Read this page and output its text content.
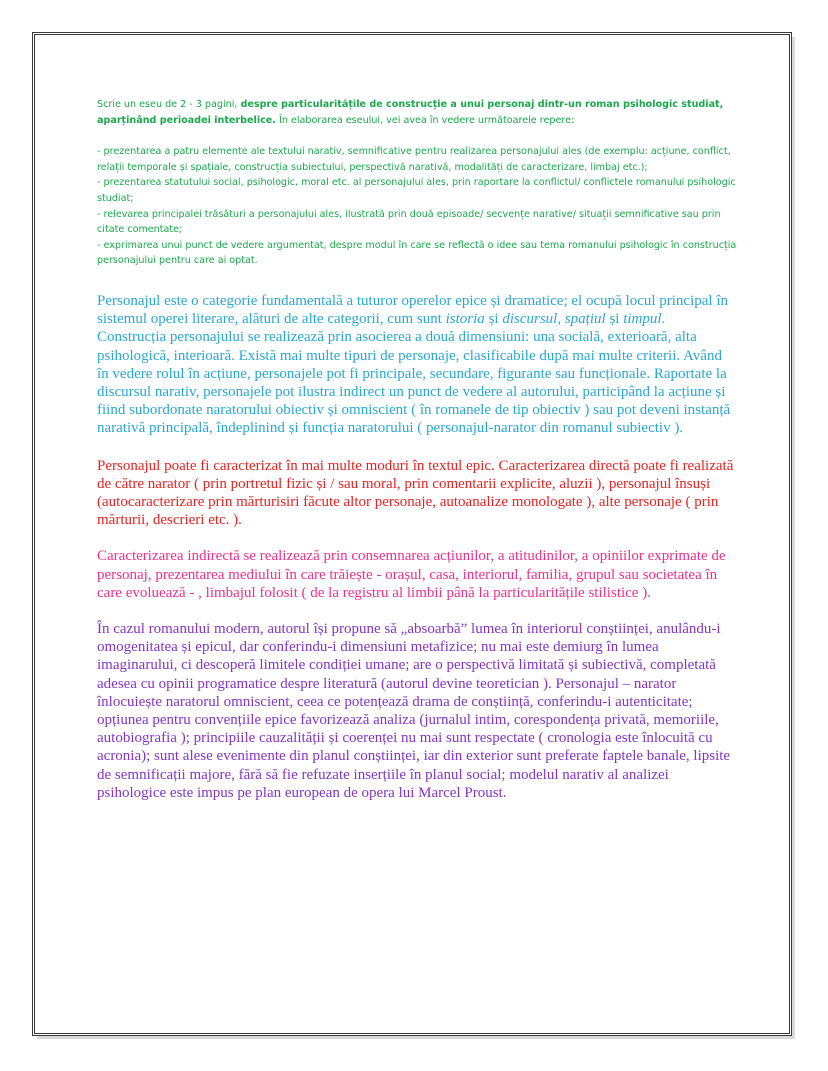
Scrie un eseu de 2 - 3 pagini, despre particularitățile de construcție a unui personaj dintr-un roman psihologic studiat, aparținând perioadei interbelice. În elaborarea eseului, vei avea în vedere următoarele repere:

- prezentarea a patru elemente ale textului narativ, semnificative pentru realizarea personajului ales (de exemplu: acțiune, conflict, relații temporale și spațiale, construcția subiectului, perspectivă narativă, modalități de caracterizare, limbaj etc.);

- prezentarea statutului social, psihologic, moral etc. al personajului ales, prin raportare la conflictul/ conflictele romanului psihologic studiat;

- relevarea principalei trăsături a personajului ales, ilustrată prin două episoade/ secvențe narative/ situații semnificative sau prin citate comentate;

- exprimarea unui punct de vedere argumentat, despre modul în care se reflectă o idee sau tema romanului psihologic în construcția personajului pentru care ai optat.

Personajul este o categorie fundamentală a tuturor operelor epice și dramatice; el ocupă locul principal în sistemul operei literare, alături de alte categorii, cum sunt istoria și discursul, spațiul și timpul. Construcția personajului se realizează prin asocierea a două dimensiuni: una socială, exterioară, alta psihologică, interioară. Există mai multe tipuri de personaje, clasificabile după mai multe criterii. Având în vedere rolul în acțiune, personajele pot fi principale, secundare, figurante sau funcționale. Raportate la discursul narativ, personajele pot ilustra indirect un punct de vedere al autorului, participând la acțiune și fiind subordonate naratorului obiectiv și omniscient ( în romanele de tip obiectiv ) sau pot deveni instanță narativă principală, îndeplinind și funcția naratorului ( personajul-narator din romanul subiectiv ).

Personajul poate fi caracterizat în mai multe moduri în textul epic. Caracterizarea directă poate fi realizată de către narator ( prin portretul fizic și / sau moral, prin comentarii explicite, aluzii ), personajul însuși (autocaracterizare prin mărturisiri făcute altor personaje, autoanalize monologate ), alte personaje ( prin mărturii, descrieri etc. ).

Caracterizarea indirectă se realizează prin consemnarea acțiunilor, a atitudinilor, a opiniilor exprimate de personaj, prezentarea mediului în care trăiește - orașul, casa, interiorul, familia, grupul sau societatea în care evoluează - , limbajul folosit ( de la registru al limbii până la particularitățile stilistice ).

În cazul romanului modern, autorul își propune să „absoarbă” lumea în interiorul conștiinței, anulându-i omogenitatea și epicul, dar conferindu-i dimensiuni metafizice; nu mai este demiurg în lumea imaginarului, ci descoperă limitele condiției umane; are o perspectivă limitată și subiectivă, completată adesea cu opinii programatice despre literatură (autorul devine teoretician ). Personajul – narator înlocuiește naratorul omniscient, ceea ce potențează drama de conștiință, conferindu-i autenticitate; opțiunea pentru convențiile epice favorizează analiza (jurnalul intim, corespondența privată, memoriile, autobiografia ); principiile cauzalității și coerenței nu mai sunt respectate ( cronologia este înlocuită cu acronia); sunt alese evenimente din planul conștiinței, iar din exterior sunt preferate faptele banale, lipsite de semnificații majore, fără să fie refuzate inserțiile în planul social; modelul narativ al analizei psihologice este impus pe plan european de opera lui Marcel Proust.
